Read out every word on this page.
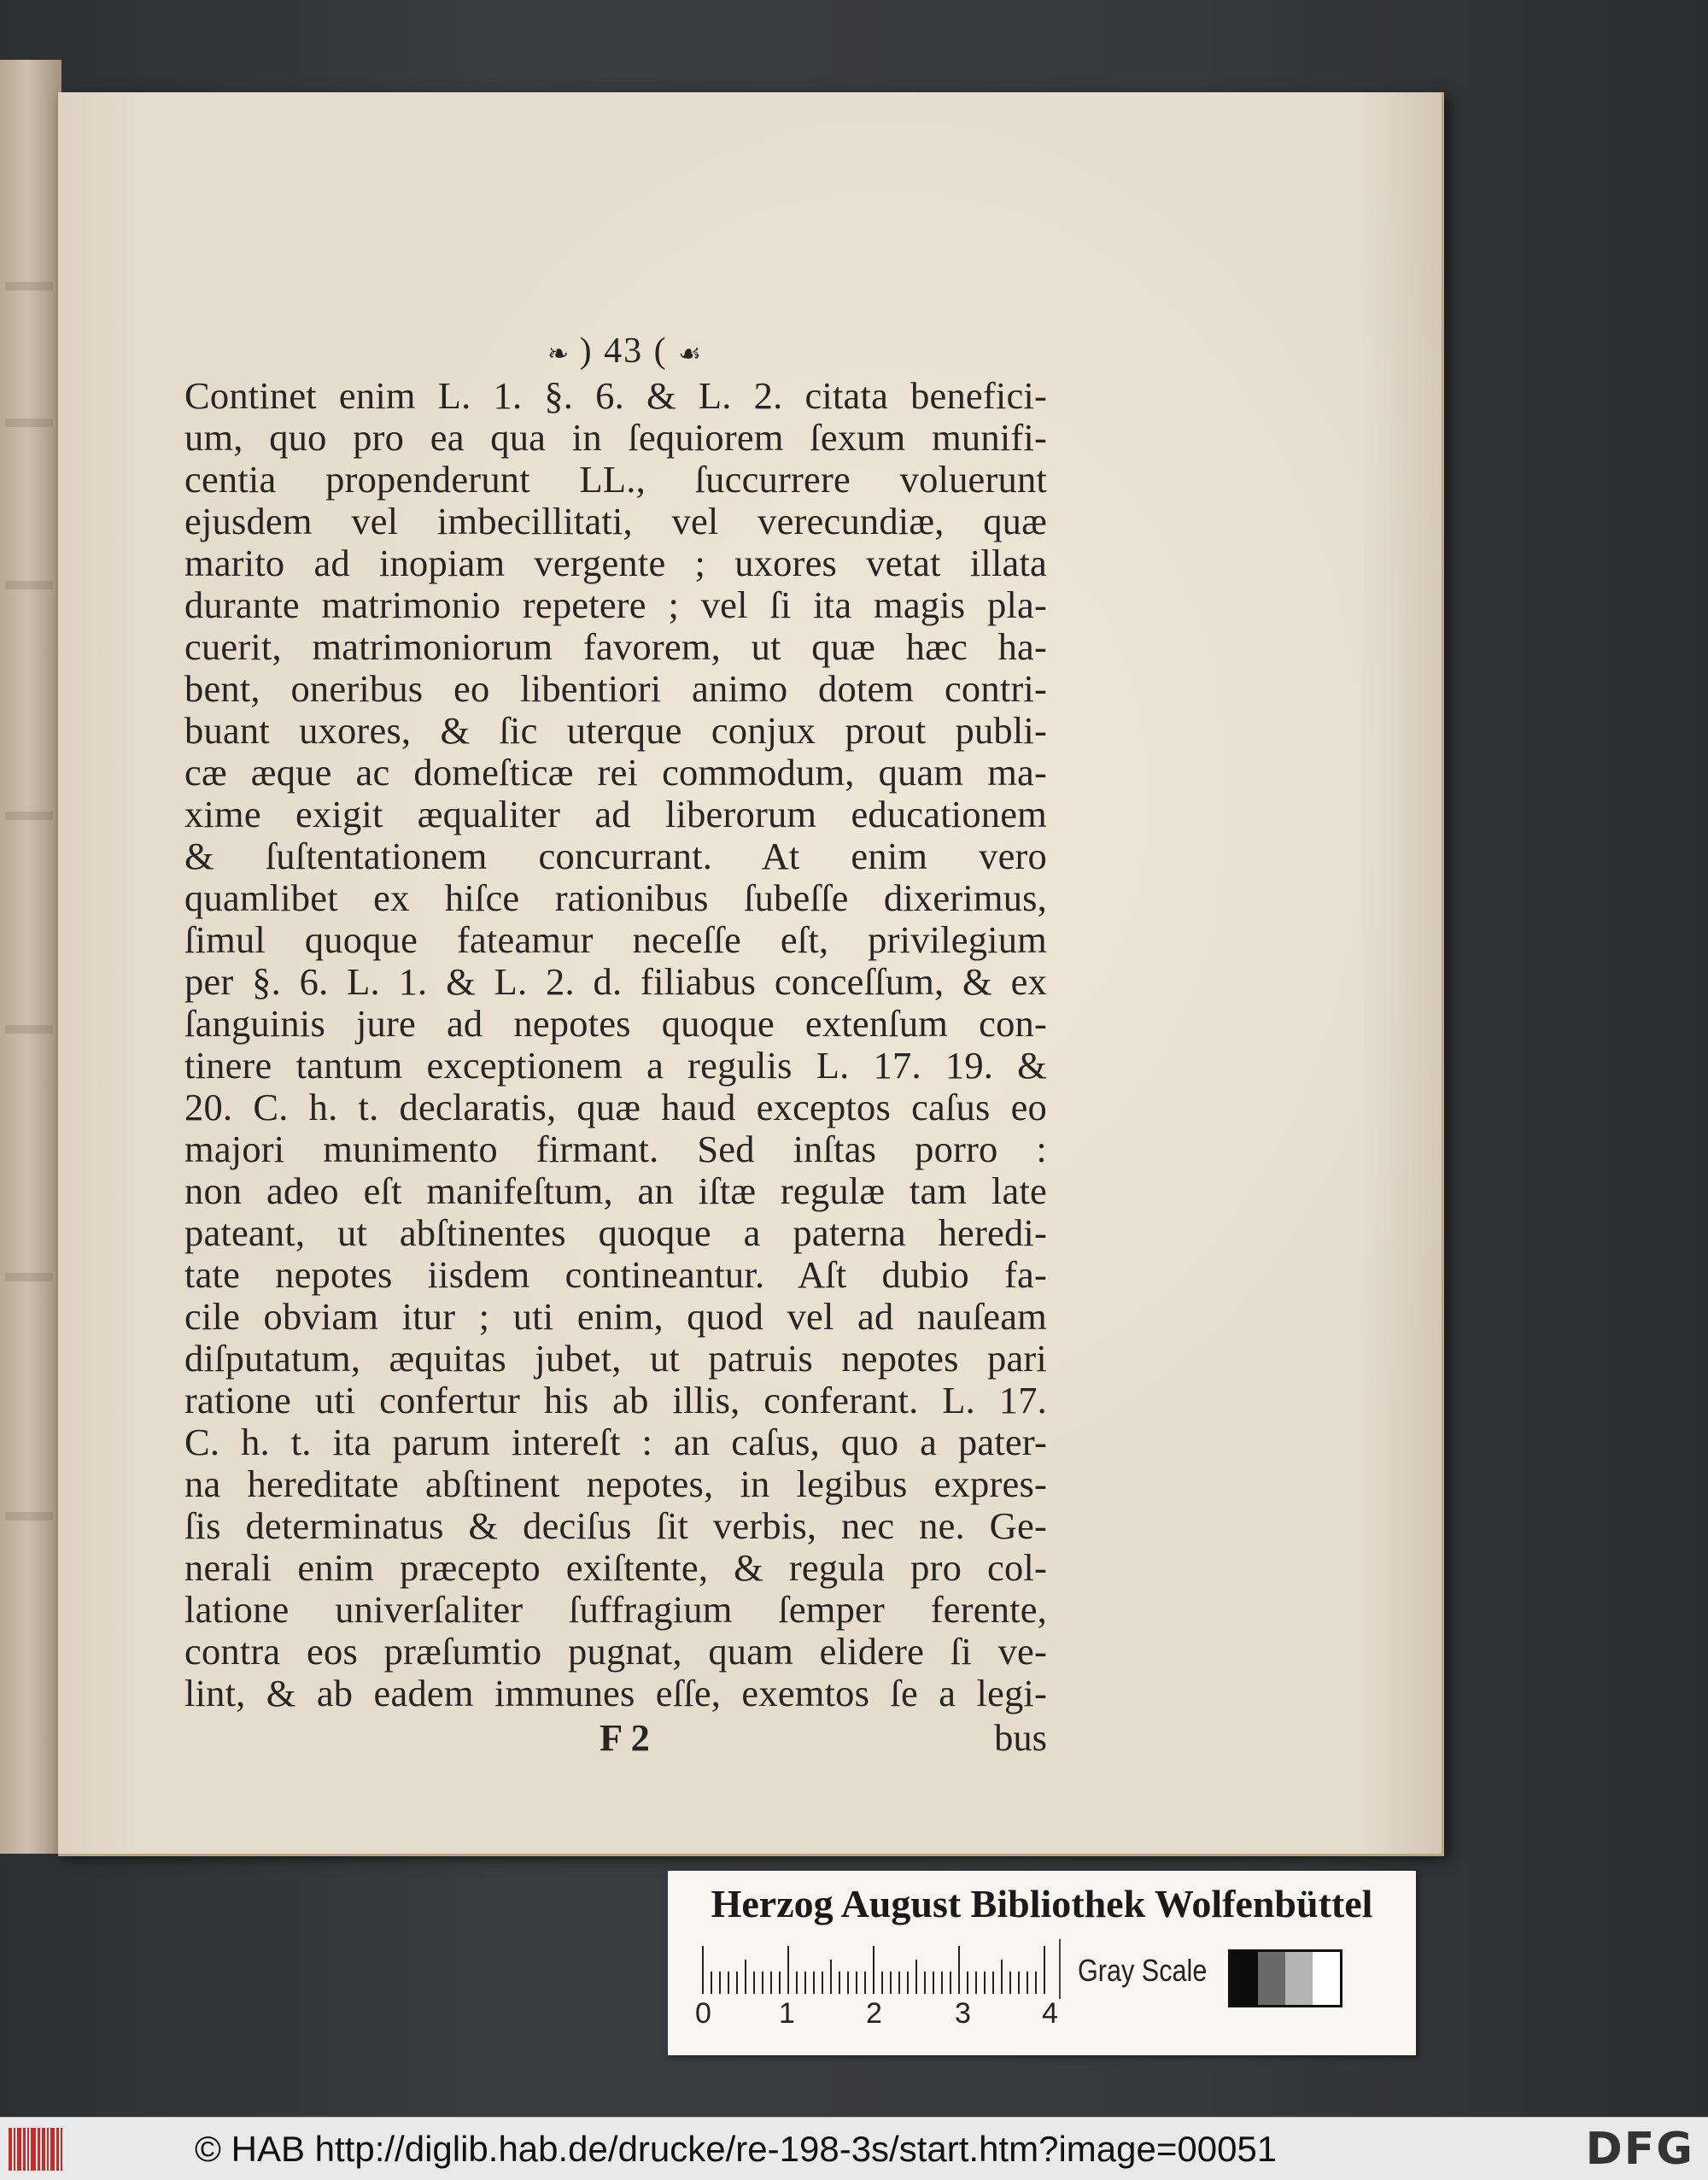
❧ ) 43 ( ☙
Continet enim L. 1. §. 6. & L. 2. citata benefici-
um, quo pro ea qua in ſequiorem ſexum munifi-
centia propenderunt LL., ſuccurrere voluerunt
ejusdem vel imbecillitati, vel verecundiæ, quæ
marito ad inopiam vergente ; uxores vetat illata
durante matrimonio repetere ; vel ſi ita magis pla-
cuerit, matrimoniorum favorem, ut quæ hæc ha-
bent, oneribus eo libentiori animo dotem contri-
buant uxores, & ſic uterque conjux prout publi-
cæ æque ac domeſticæ rei commodum, quam ma-
xime exigit æqualiter ad liberorum educationem
& ſuſtentationem concurrant. At enim vero
quamlibet ex hiſce rationibus ſubeſſe dixerimus,
ſimul quoque fateamur neceſſe eſt, privilegium
per §. 6. L. 1. & L. 2. d. filiabus conceſſum, & ex
ſanguinis jure ad nepotes quoque extenſum con-
tinere tantum exceptionem a regulis L. 17. 19. &
20. C. h. t. declaratis, quæ haud exceptos caſus eo
majori munimento firmant. Sed inſtas porro :
non adeo eſt manifeſtum, an iſtæ regulæ tam late
pateant, ut abſtinentes quoque a paterna heredi-
tate nepotes iisdem contineantur. Aſt dubio fa-
cile obviam itur ; uti enim, quod vel ad nauſeam
diſputatum, æquitas jubet, ut patruis nepotes pari
ratione uti confertur his ab illis, conferant. L. 17.
C. h. t. ita parum intereſt : an caſus, quo a pater-
na hereditate abſtinent nepotes, in legibus expres-
ſis determinatus & deciſus ſit verbis, nec ne. Ge-
nerali enim præcepto exiſtente, & regula pro col-
latione univerſaliter ſuffragium ſemper ferente,
contra eos præſumtio pugnat, quam elidere ſi ve-
lint, & ab eadem immunes eſſe, exemtos ſe a legi-
F 2	bus
Herzog August Bibliothek Wolfenbüttel
0 1 2	3 4
Gray Scale
© HAB http://diglib.hab.de/drucke/re-198-3s/start.htm?image=00051	DFG
